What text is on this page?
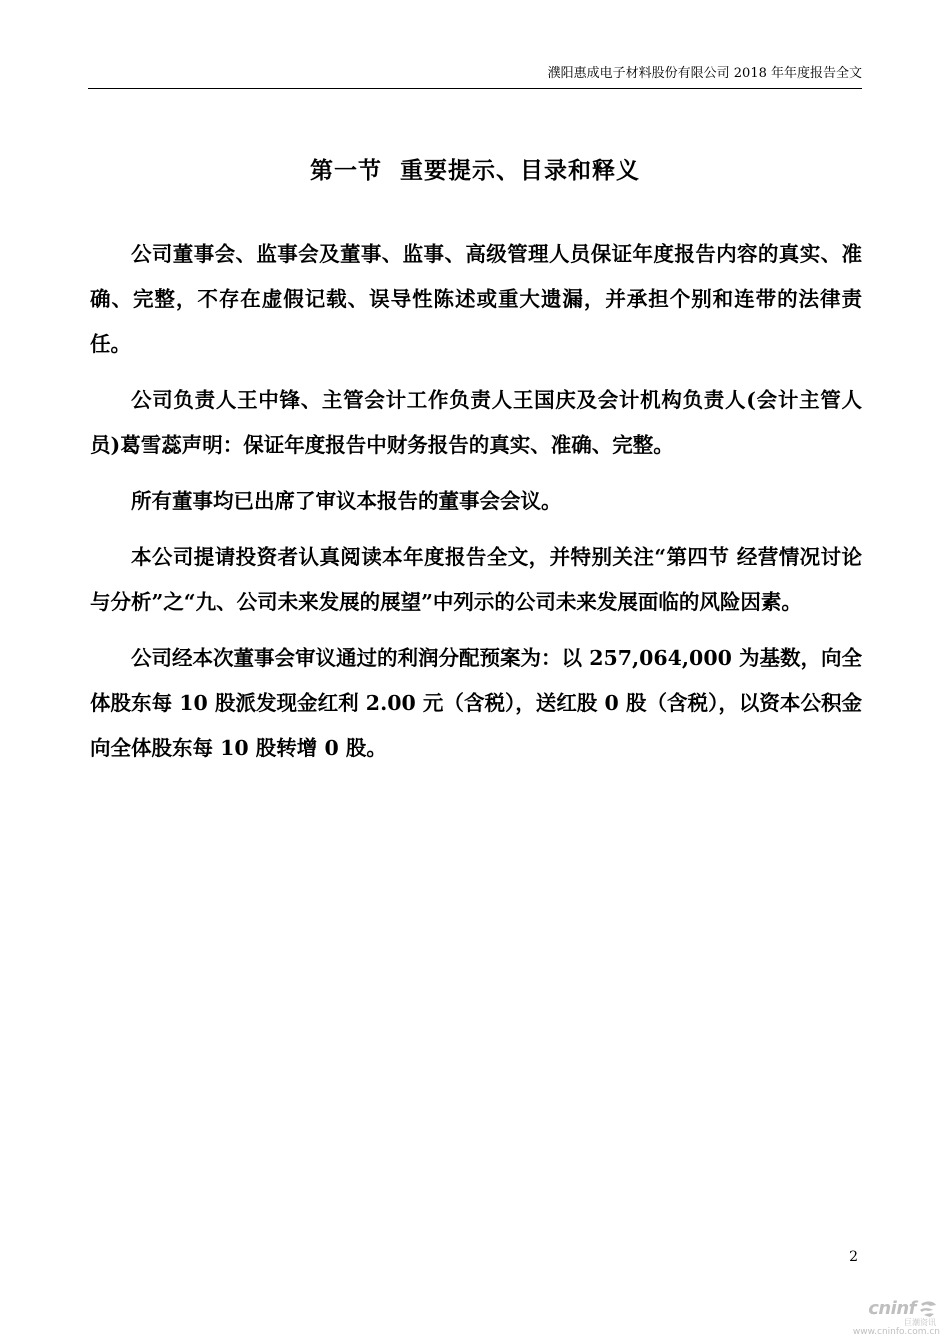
濮阳惠成电子材料股份有限公司 2018 年年度报告全文
第一节  重要提示、目录和释义

公司董事会、监事会及董事、监事、高级管理人员保证年度报告内容的真实、准确、完整，不存在虚假记载、误导性陈述或重大遗漏，并承担个别和连带的法律责任。

公司负责人王中锋、主管会计工作负责人王国庆及会计机构负责人(会计主管人员)葛雪蕊声明：保证年度报告中财务报告的真实、准确、完整。

所有董事均已出席了审议本报告的董事会会议。

本公司提请投资者认真阅读本年度报告全文，并特别关注“第四节 经营情况讨论与分析”之“九、公司未来发展的展望”中列示的公司未来发展面临的风险因素。

公司经本次董事会审议通过的利润分配预案为：以 257,064,000 为基数，向全体股东每 10 股派发现金红利 2.00 元（含税），送红股 0 股（含税），以资本公积金向全体股东每 10 股转增 0 股。

2
cninf
巨潮资讯
www.cninfo.com.cn
